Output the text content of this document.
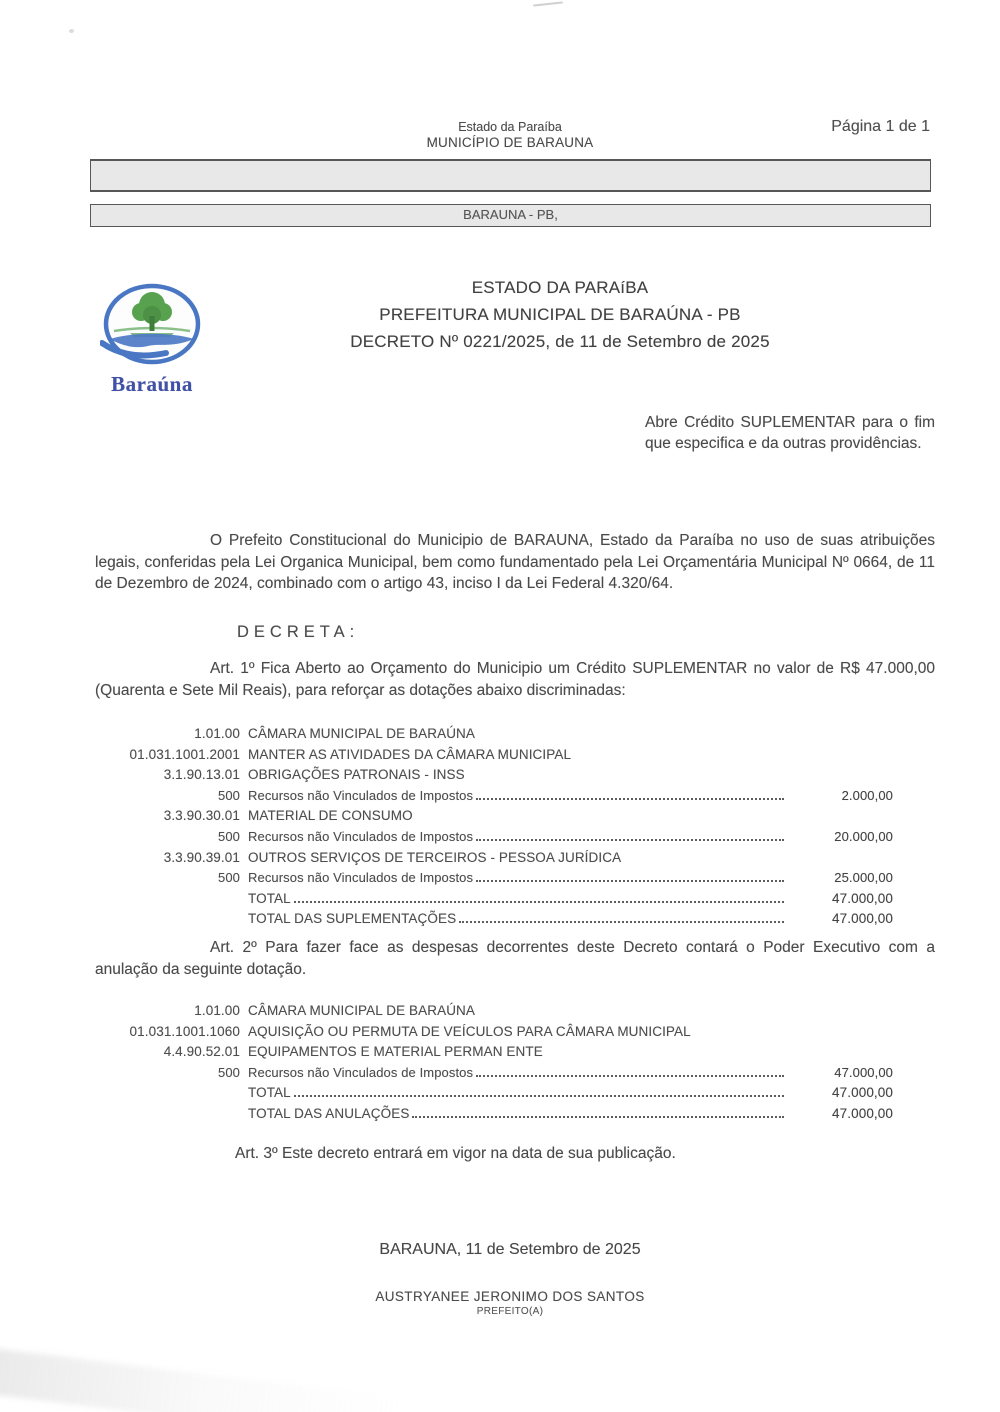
Estado da Paraíba
MUNICÍPIO DE BARAUNA
Página 1 de 1
BARAUNA - PB,
Baraúna
ESTADO DA PARAíBA
PREFEITURA MUNICIPAL DE BARAÚNA - PB
DECRETO Nº 0221/2025, de 11 de Setembro de 2025
Abre Crédito SUPLEMENTAR para o fim que especifica e da outras providências.
O Prefeito Constitucional do Municipio de BARAUNA, Estado da Paraíba no uso de suas atribuições legais, conferidas pela Lei Organica Municipal, bem como fundamentado pela Lei Orçamentária Municipal Nº 0664, de 11 de Dezembro de 2024, combinado com o artigo 43, inciso I da Lei Federal 4.320/64.
DECRETA:
Art. 1º Fica Aberto ao Orçamento do Municipio um Crédito SUPLEMENTAR no valor de R$ 47.000,00 (Quarenta e Sete Mil Reais), para reforçar as dotações abaixo discriminadas:
1.01.00 CÂMARA MUNICIPAL DE BARAÚNA
01.031.1001.2001 MANTER AS ATIVIDADES DA CÂMARA MUNICIPAL
3.1.90.13.01 OBRIGAÇÕES PATRONAIS - INSS
500 Recursos não Vinculados de Impostos	2.000,00
3.3.90.30.01 MATERIAL DE CONSUMO
500 Recursos não Vinculados de Impostos	20.000,00
3.3.90.39.01 OUTROS SERVIÇOS DE TERCEIROS - PESSOA JURÍDICA
500 Recursos não Vinculados de Impostos	25.000,00
TOTAL	47.000,00
TOTAL DAS SUPLEMENTAÇÕES	47.000,00
Art. 2º Para fazer face as despesas decorrentes deste Decreto contará o Poder Executivo com a anulação da seguinte dotação.
1.01.00 CÂMARA MUNICIPAL DE BARAÚNA
01.031.1001.1060 AQUISIÇÃO OU PERMUTA DE VEÍCULOS PARA CÂMARA MUNICIPAL
4.4.90.52.01 EQUIPAMENTOS E MATERIAL PERMAN ENTE
500 Recursos não Vinculados de Impostos	47.000,00
TOTAL	47.000,00
TOTAL DAS ANULAÇÕES	47.000,00
Art. 3º Este decreto entrará em vigor na data de sua publicação.
BARAUNA, 11 de Setembro de 2025
AUSTRYANEE JERONIMO DOS SANTOS
PREFEITO(A)
